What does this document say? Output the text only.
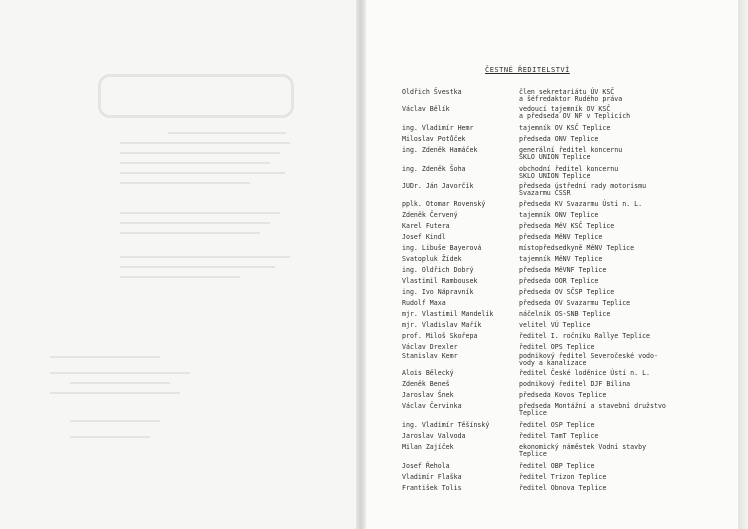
ČESTNÉ ŘEDITELSTVÍ
Oldřich Švestka	člen sekretariátu ÚV KSČ
a šéfredaktor Rudého práva
Václav Bělík	vedoucí tajemník OV KSČ
a předseda OV NF v Teplicích
ing. Vladimír Hemr	tajemník OV KSČ Teplice
Miloslav Potůček	předseda ONV Teplice
ing. Zdeněk Hamáček	generální ředitel koncernu
SKLO UNION Teplice
ing. Zdeněk Šoha	obchodní ředitel koncernu
SKLO UNION Teplice
JUDr. Ján Javorčík	předseda ústřední rady motorismu
Svazarmu ČSSR
pplk. Otomar Rovenský	předseda KV Svazarmu Ústí n. L.
Zdeněk Červený	tajemník ONV Teplice
Karel Futera	předseda MěV KSČ Teplice
Josef Kindl	předseda MěNV Teplice
ing. Libuše Bayerová	místopředsedkyně MěNV Teplice
Svatopluk Žídek	tajemník MěNV Teplice
ing. Oldřich Dobrý	předseda MěVNF Teplice
Vlastimil Rambousek	předseda OOR Teplice
ing. Ivo Nápravník	předseda OV SČSP Teplice
Rudolf Maxa	předseda OV Svazarmu Teplice
mjr. Vlastimil Mandelík	náčelník OS-SNB Teplice
mjr. Vladislav Mařík	velitel VÚ Teplice
prof. Miloš Skořepa	ředitel I. ročníku Rallye Teplice
Václav Drexler	ředitel OPS Teplice
Stanislav Kemr	podnikový ředitel Severočeské vodo-
vody a kanalizace
Alois Bělecký	ředitel České loděnice Ústí n. L.
Zdeněk Beneš	podnikový ředitel DJF Bílina
Jaroslav Šnek	předseda Kovos Teplice
Václav Červinka	předseda Montážní a stavební družstvo
Teplice
ing. Vladimír Těšínský	ředitel OSP Teplice
Jaroslav Valvoda	ředitel TamT Teplice
Milan Zajíček	ekonomický náměstek Vodní stavby
Teplice
Josef Řehola	ředitel OBP Teplice
Vladimír Flaška	ředitel Trizon Teplice
František Tolis	ředitel Obnova Teplice
